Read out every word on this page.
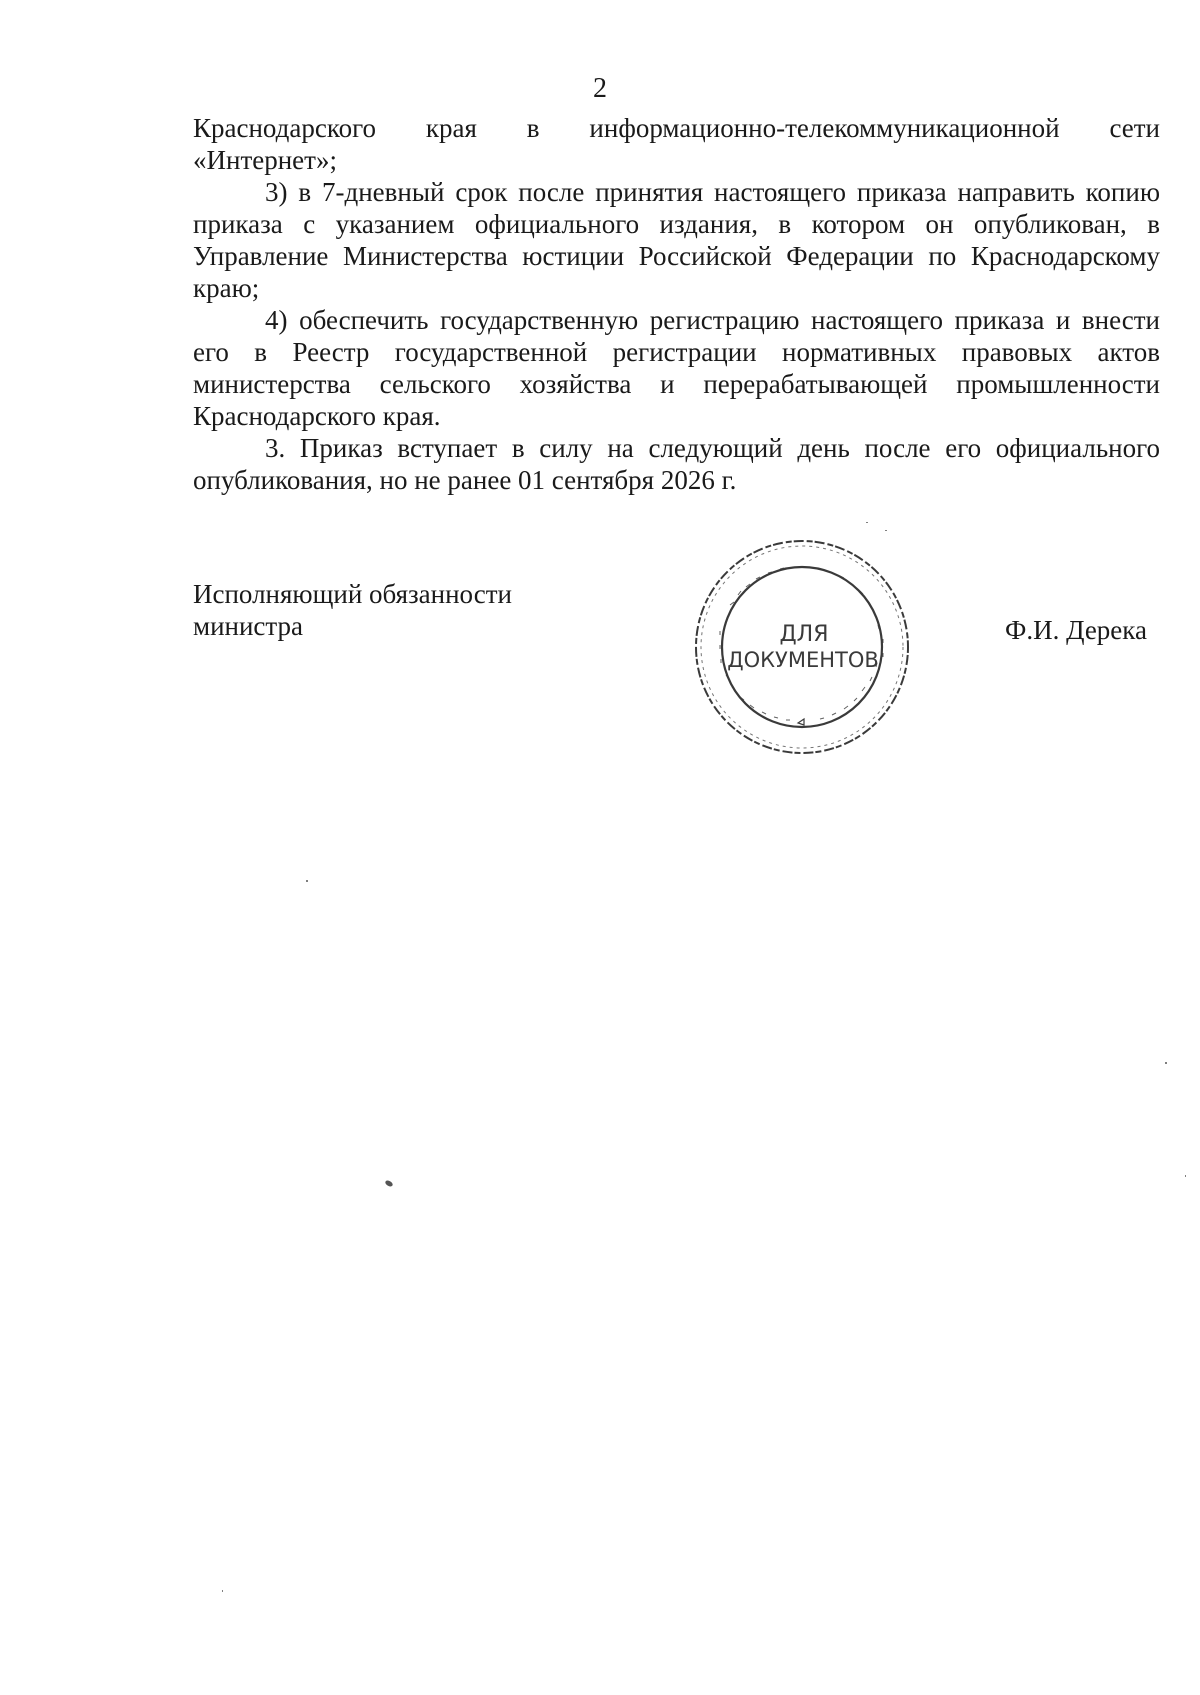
2
Краснодарского края в информационно-телекоммуникационной сети

«Интернет»;

3) в 7-дневный срок после принятия настоящего приказа направить копию приказа с указанием официального издания, в котором он опубликован, в Управление Министерства юстиции Российской Федерации по Краснодарскому краю;

4) обеспечить государственную регистрацию настоящего приказа и внести его в Реестр государственной регистрации нормативных правовых актов министерства сельского хозяйства и перерабатывающей промышленности Краснодарского края.

3. Приказ вступает в силу на следующий день после его официального опубликования, но не ранее 01 сентября 2026 г.

Исполняющий обязанности
министра	Ф.И. Дерека
ДЛЯ
ДОКУМЕНТОВ
